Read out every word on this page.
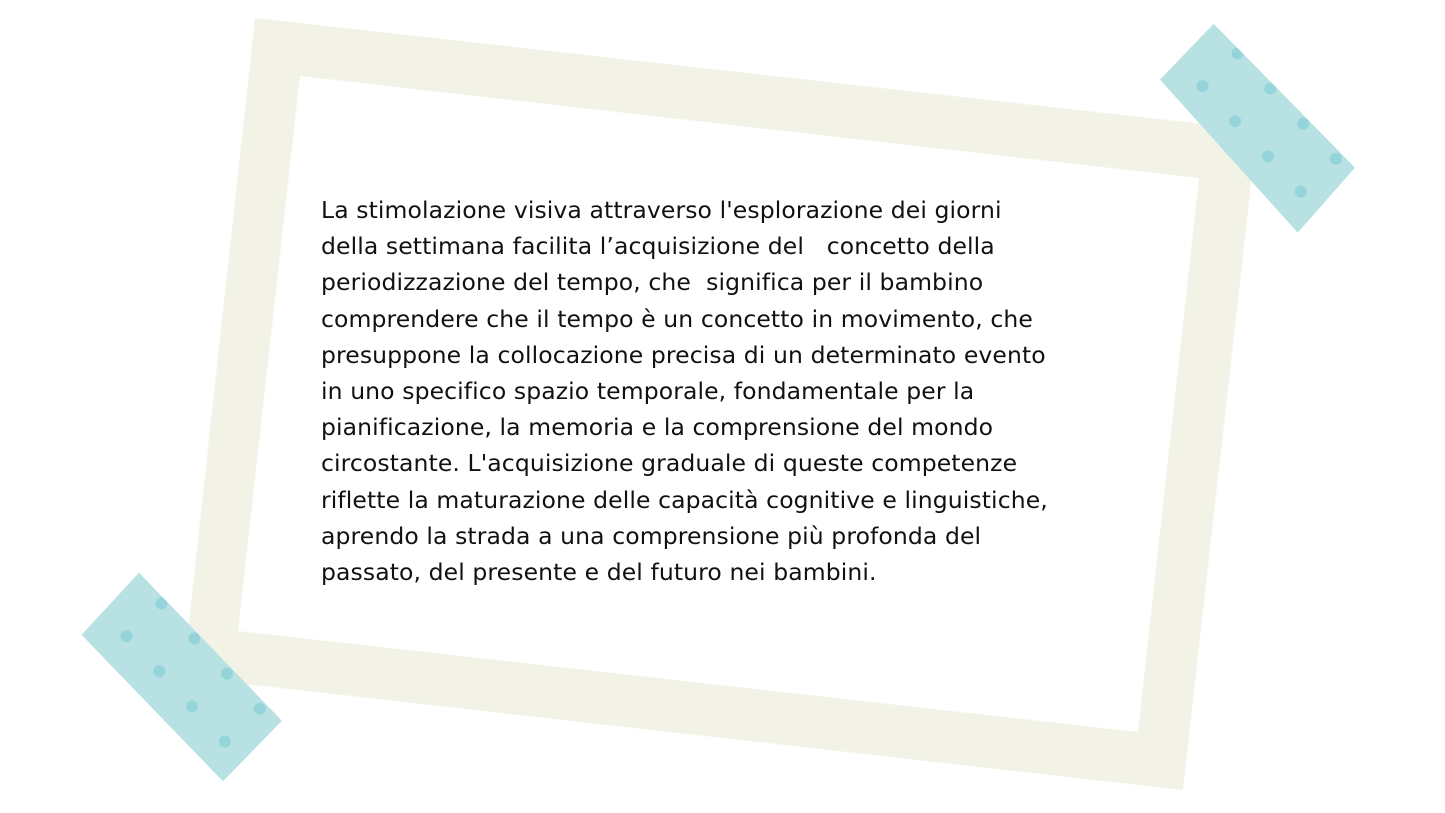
La stimolazione visiva attraverso l'esplorazione dei giorni
della settimana facilita l’acquisizione del   concetto della
periodizzazione del tempo, che  significa per il bambino
comprendere che il tempo è un concetto in movimento, che
presuppone la collocazione precisa di un determinato evento
in uno specifico spazio temporale, fondamentale per la
pianificazione, la memoria e la comprensione del mondo
circostante. L'acquisizione graduale di queste competenze
riflette la maturazione delle capacità cognitive e linguistiche,
aprendo la strada a una comprensione più profonda del
passato, del presente e del futuro nei bambini.
